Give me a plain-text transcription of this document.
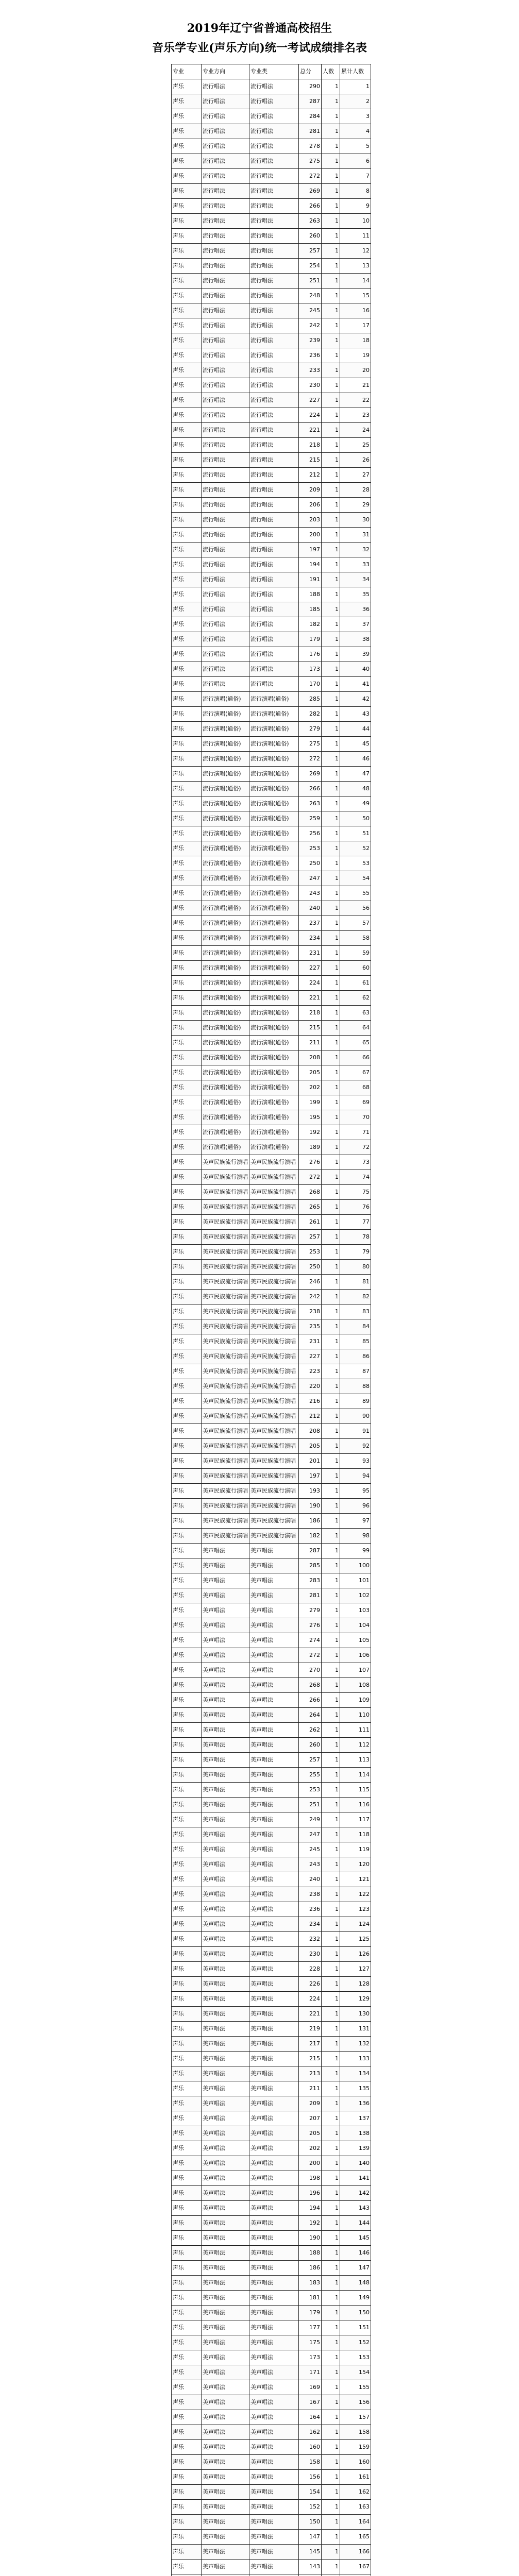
2019年辽宁省普通高校招生
音乐学专业(声乐方向)统一考试成绩排名表
专业	专业方向	专业类	总分	人数	累计人数
声乐	流行唱法	流行唱法	290	1	1
声乐	流行唱法	流行唱法	287	1	2
声乐	流行唱法	流行唱法	284	1	3
声乐	流行唱法	流行唱法	281	1	4
声乐	流行唱法	流行唱法	278	1	5
声乐	流行唱法	流行唱法	275	1	6
声乐	流行唱法	流行唱法	272	1	7
声乐	流行唱法	流行唱法	269	1	8
声乐	流行唱法	流行唱法	266	1	9
声乐	流行唱法	流行唱法	263	1	10
声乐	流行唱法	流行唱法	260	1	11
声乐	流行唱法	流行唱法	257	1	12
声乐	流行唱法	流行唱法	254	1	13
声乐	流行唱法	流行唱法	251	1	14
声乐	流行唱法	流行唱法	248	1	15
声乐	流行唱法	流行唱法	245	1	16
声乐	流行唱法	流行唱法	242	1	17
声乐	流行唱法	流行唱法	239	1	18
声乐	流行唱法	流行唱法	236	1	19
声乐	流行唱法	流行唱法	233	1	20
声乐	流行唱法	流行唱法	230	1	21
声乐	流行唱法	流行唱法	227	1	22
声乐	流行唱法	流行唱法	224	1	23
声乐	流行唱法	流行唱法	221	1	24
声乐	流行唱法	流行唱法	218	1	25
声乐	流行唱法	流行唱法	215	1	26
声乐	流行唱法	流行唱法	212	1	27
声乐	流行唱法	流行唱法	209	1	28
声乐	流行唱法	流行唱法	206	1	29
声乐	流行唱法	流行唱法	203	1	30
声乐	流行唱法	流行唱法	200	1	31
声乐	流行唱法	流行唱法	197	1	32
声乐	流行唱法	流行唱法	194	1	33
声乐	流行唱法	流行唱法	191	1	34
声乐	流行唱法	流行唱法	188	1	35
声乐	流行唱法	流行唱法	185	1	36
声乐	流行唱法	流行唱法	182	1	37
声乐	流行唱法	流行唱法	179	1	38
声乐	流行唱法	流行唱法	176	1	39
声乐	流行唱法	流行唱法	173	1	40
声乐	流行唱法	流行唱法	170	1	41
声乐	流行演唱(通俗)	流行演唱(通俗)	285	1	42
声乐	流行演唱(通俗)	流行演唱(通俗)	282	1	43
声乐	流行演唱(通俗)	流行演唱(通俗)	279	1	44
声乐	流行演唱(通俗)	流行演唱(通俗)	275	1	45
声乐	流行演唱(通俗)	流行演唱(通俗)	272	1	46
声乐	流行演唱(通俗)	流行演唱(通俗)	269	1	47
声乐	流行演唱(通俗)	流行演唱(通俗)	266	1	48
声乐	流行演唱(通俗)	流行演唱(通俗)	263	1	49
声乐	流行演唱(通俗)	流行演唱(通俗)	259	1	50
声乐	流行演唱(通俗)	流行演唱(通俗)	256	1	51
声乐	流行演唱(通俗)	流行演唱(通俗)	253	1	52
声乐	流行演唱(通俗)	流行演唱(通俗)	250	1	53
声乐	流行演唱(通俗)	流行演唱(通俗)	247	1	54
声乐	流行演唱(通俗)	流行演唱(通俗)	243	1	55
声乐	流行演唱(通俗)	流行演唱(通俗)	240	1	56
声乐	流行演唱(通俗)	流行演唱(通俗)	237	1	57
声乐	流行演唱(通俗)	流行演唱(通俗)	234	1	58
声乐	流行演唱(通俗)	流行演唱(通俗)	231	1	59
声乐	流行演唱(通俗)	流行演唱(通俗)	227	1	60
声乐	流行演唱(通俗)	流行演唱(通俗)	224	1	61
声乐	流行演唱(通俗)	流行演唱(通俗)	221	1	62
声乐	流行演唱(通俗)	流行演唱(通俗)	218	1	63
声乐	流行演唱(通俗)	流行演唱(通俗)	215	1	64
声乐	流行演唱(通俗)	流行演唱(通俗)	211	1	65
声乐	流行演唱(通俗)	流行演唱(通俗)	208	1	66
声乐	流行演唱(通俗)	流行演唱(通俗)	205	1	67
声乐	流行演唱(通俗)	流行演唱(通俗)	202	1	68
声乐	流行演唱(通俗)	流行演唱(通俗)	199	1	69
声乐	流行演唱(通俗)	流行演唱(通俗)	195	1	70
声乐	流行演唱(通俗)	流行演唱(通俗)	192	1	71
声乐	流行演唱(通俗)	流行演唱(通俗)	189	1	72
声乐	美声民族流行演唱	美声民族流行演唱	276	1	73
声乐	美声民族流行演唱	美声民族流行演唱	272	1	74
声乐	美声民族流行演唱	美声民族流行演唱	268	1	75
声乐	美声民族流行演唱	美声民族流行演唱	265	1	76
声乐	美声民族流行演唱	美声民族流行演唱	261	1	77
声乐	美声民族流行演唱	美声民族流行演唱	257	1	78
声乐	美声民族流行演唱	美声民族流行演唱	253	1	79
声乐	美声民族流行演唱	美声民族流行演唱	250	1	80
声乐	美声民族流行演唱	美声民族流行演唱	246	1	81
声乐	美声民族流行演唱	美声民族流行演唱	242	1	82
声乐	美声民族流行演唱	美声民族流行演唱	238	1	83
声乐	美声民族流行演唱	美声民族流行演唱	235	1	84
声乐	美声民族流行演唱	美声民族流行演唱	231	1	85
声乐	美声民族流行演唱	美声民族流行演唱	227	1	86
声乐	美声民族流行演唱	美声民族流行演唱	223	1	87
声乐	美声民族流行演唱	美声民族流行演唱	220	1	88
声乐	美声民族流行演唱	美声民族流行演唱	216	1	89
声乐	美声民族流行演唱	美声民族流行演唱	212	1	90
声乐	美声民族流行演唱	美声民族流行演唱	208	1	91
声乐	美声民族流行演唱	美声民族流行演唱	205	1	92
声乐	美声民族流行演唱	美声民族流行演唱	201	1	93
声乐	美声民族流行演唱	美声民族流行演唱	197	1	94
声乐	美声民族流行演唱	美声民族流行演唱	193	1	95
声乐	美声民族流行演唱	美声民族流行演唱	190	1	96
声乐	美声民族流行演唱	美声民族流行演唱	186	1	97
声乐	美声民族流行演唱	美声民族流行演唱	182	1	98
声乐	美声唱法	美声唱法	287	1	99
声乐	美声唱法	美声唱法	285	1	100
声乐	美声唱法	美声唱法	283	1	101
声乐	美声唱法	美声唱法	281	1	102
声乐	美声唱法	美声唱法	279	1	103
声乐	美声唱法	美声唱法	276	1	104
声乐	美声唱法	美声唱法	274	1	105
声乐	美声唱法	美声唱法	272	1	106
声乐	美声唱法	美声唱法	270	1	107
声乐	美声唱法	美声唱法	268	1	108
声乐	美声唱法	美声唱法	266	1	109
声乐	美声唱法	美声唱法	264	1	110
声乐	美声唱法	美声唱法	262	1	111
声乐	美声唱法	美声唱法	260	1	112
声乐	美声唱法	美声唱法	257	1	113
声乐	美声唱法	美声唱法	255	1	114
声乐	美声唱法	美声唱法	253	1	115
声乐	美声唱法	美声唱法	251	1	116
声乐	美声唱法	美声唱法	249	1	117
声乐	美声唱法	美声唱法	247	1	118
声乐	美声唱法	美声唱法	245	1	119
声乐	美声唱法	美声唱法	243	1	120
声乐	美声唱法	美声唱法	240	1	121
声乐	美声唱法	美声唱法	238	1	122
声乐	美声唱法	美声唱法	236	1	123
声乐	美声唱法	美声唱法	234	1	124
声乐	美声唱法	美声唱法	232	1	125
声乐	美声唱法	美声唱法	230	1	126
声乐	美声唱法	美声唱法	228	1	127
声乐	美声唱法	美声唱法	226	1	128
声乐	美声唱法	美声唱法	224	1	129
声乐	美声唱法	美声唱法	221	1	130
声乐	美声唱法	美声唱法	219	1	131
声乐	美声唱法	美声唱法	217	1	132
声乐	美声唱法	美声唱法	215	1	133
声乐	美声唱法	美声唱法	213	1	134
声乐	美声唱法	美声唱法	211	1	135
声乐	美声唱法	美声唱法	209	1	136
声乐	美声唱法	美声唱法	207	1	137
声乐	美声唱法	美声唱法	205	1	138
声乐	美声唱法	美声唱法	202	1	139
声乐	美声唱法	美声唱法	200	1	140
声乐	美声唱法	美声唱法	198	1	141
声乐	美声唱法	美声唱法	196	1	142
声乐	美声唱法	美声唱法	194	1	143
声乐	美声唱法	美声唱法	192	1	144
声乐	美声唱法	美声唱法	190	1	145
声乐	美声唱法	美声唱法	188	1	146
声乐	美声唱法	美声唱法	186	1	147
声乐	美声唱法	美声唱法	183	1	148
声乐	美声唱法	美声唱法	181	1	149
声乐	美声唱法	美声唱法	179	1	150
声乐	美声唱法	美声唱法	177	1	151
声乐	美声唱法	美声唱法	175	1	152
声乐	美声唱法	美声唱法	173	1	153
声乐	美声唱法	美声唱法	171	1	154
声乐	美声唱法	美声唱法	169	1	155
声乐	美声唱法	美声唱法	167	1	156
声乐	美声唱法	美声唱法	164	1	157
声乐	美声唱法	美声唱法	162	1	158
声乐	美声唱法	美声唱法	160	1	159
声乐	美声唱法	美声唱法	158	1	160
声乐	美声唱法	美声唱法	156	1	161
声乐	美声唱法	美声唱法	154	1	162
声乐	美声唱法	美声唱法	152	1	163
声乐	美声唱法	美声唱法	150	1	164
声乐	美声唱法	美声唱法	147	1	165
声乐	美声唱法	美声唱法	145	1	166
声乐	美声唱法	美声唱法	143	1	167
